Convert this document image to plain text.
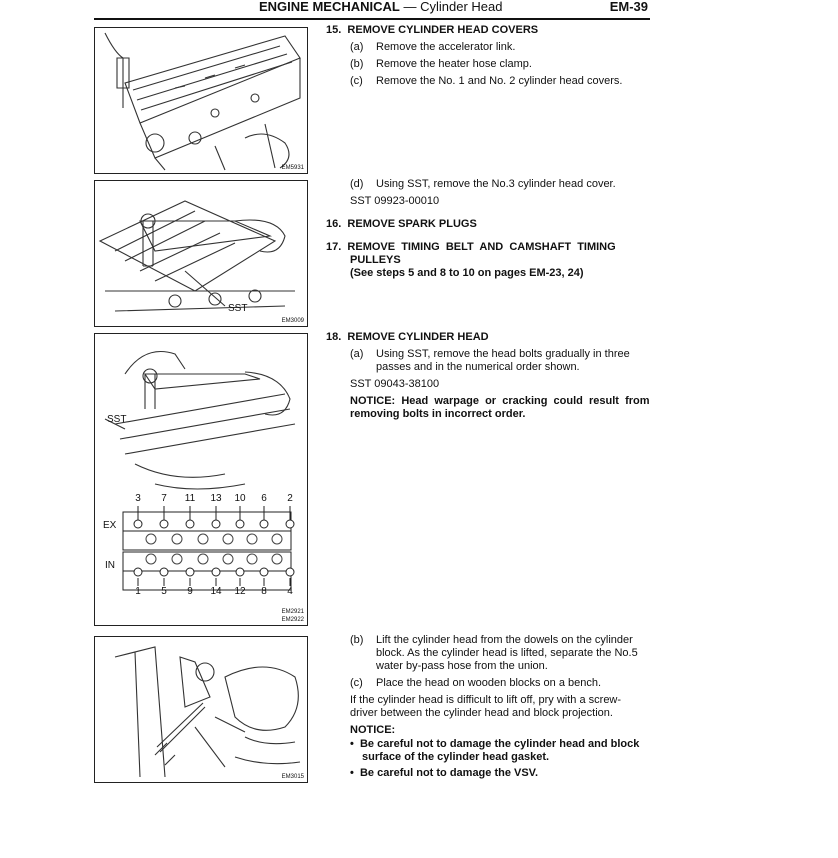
ENGINE MECHANICAL — Cylinder Head	EM-39
EM5931
SST
EM3009
SST
EX
IN
EM2921
EM2922
3
1
7
5
11
9
13
14
10
12
6
8
2
4
EM3015
15. REMOVE CYLINDER HEAD COVERS
(a) Remove the accelerator link.
(b) Remove the heater hose clamp.
(c) Remove the No. 1 and No. 2 cylinder head covers.
(d) Using SST, remove the No.3 cylinder head cover.
SST 09923-00010
16. REMOVE SPARK PLUGS
17. REMOVE  TIMING  BELT  AND  CAMSHAFT  TIMING
PULLEYS
(See steps 5 and 8 to 10 on pages EM-23, 24)
18. REMOVE CYLINDER HEAD
(a) Using SST, remove the head bolts gradually in three
passes and in the numerical order shown.
SST 09043-38100
NOTICE:  Head  warpage  or  cracking  could  result  from
removing bolts in incorrect order.
(b) Lift the cylinder head from the dowels on the cylinder
block. As the cylinder head is lifted, separate the No.5
water by-pass hose from the union.
(c) Place the head on wooden blocks on a bench.
If the cylinder head is difficult to lift off, pry with a screw-
driver between the cylinder head and block projection.
NOTICE:
• Be careful not to damage the cylinder head and block
surface of the cylinder head gasket.
• Be careful not to damage the VSV.
